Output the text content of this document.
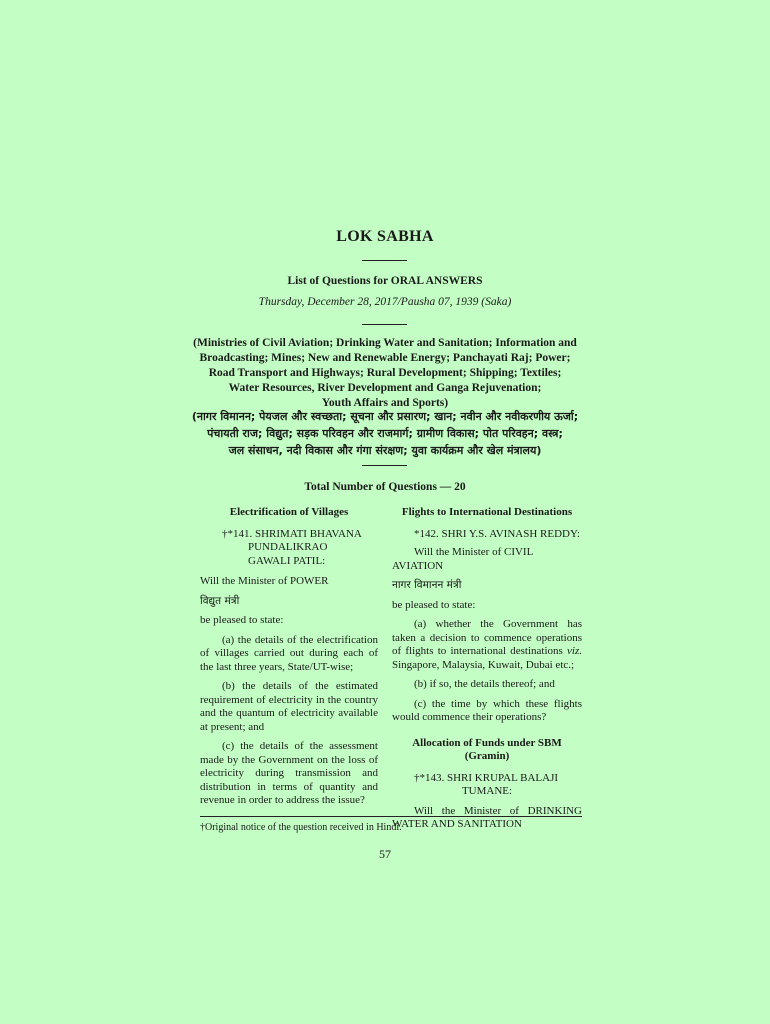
LOK SABHA
List of Questions for ORAL ANSWERS
Thursday, December 28, 2017/Pausha 07, 1939 (Saka)
(Ministries of Civil Aviation; Drinking Water and Sanitation; Information and
Broadcasting; Mines; New and Renewable Energy; Panchayati Raj; Power;
Road Transport and Highways; Rural Development; Shipping; Textiles;
Water Resources, River Development and Ganga Rejuvenation;
Youth Affairs and Sports)
(नागर विमानन; पेयजल और स्वच्छता; सूचना और प्रसारण; खान; नवीन और नवीकरणीय ऊर्जा;
पंचायती राज; विद्युत; सड़क परिवहन और राजमार्ग; ग्रामीण विकास; पोत परिवहन; वस्त्र;
जल संसाधन, नदी विकास और गंगा संरक्षण; युवा कार्यक्रम और खेल मंत्रालय)
Total Number of Questions — 20
Electrification of Villages
†*141. SHRIMATI BHAVANA
PUNDALIKRAO
GAWALI PATIL:
Will the Minister of POWER
विद्युत मंत्री
be pleased to state:

(a) the details of the electrification of villages carried out during each of the last three years, State/UT-wise;

(b) the details of the estimated requirement of electricity in the country and the quantum of electricity available at present; and

(c) the details of the assessment made by the Government on the loss of electricity during transmission and distribution in terms of quantity and revenue in order to address the issue?

Flights to International Destinations
*142. SHRI Y.S. AVINASH REDDY:
Will the Minister of CIVIL AVIATION
नागर विमानन मंत्री
be pleased to state:

(a) whether the Government has taken a decision to commence operations of flights to international destinations viz. Singapore, Malaysia, Kuwait, Dubai etc.;

(b) if so, the details thereof; and

(c) the time by which these flights would commence their operations?

Allocation of Funds under SBM
(Gramin)
†*143. SHRI KRUPAL BALAJI
TUMANE:

Will the Minister of DRINKING WATER AND SANITATION

†Original notice of the question received in Hindi.
57
